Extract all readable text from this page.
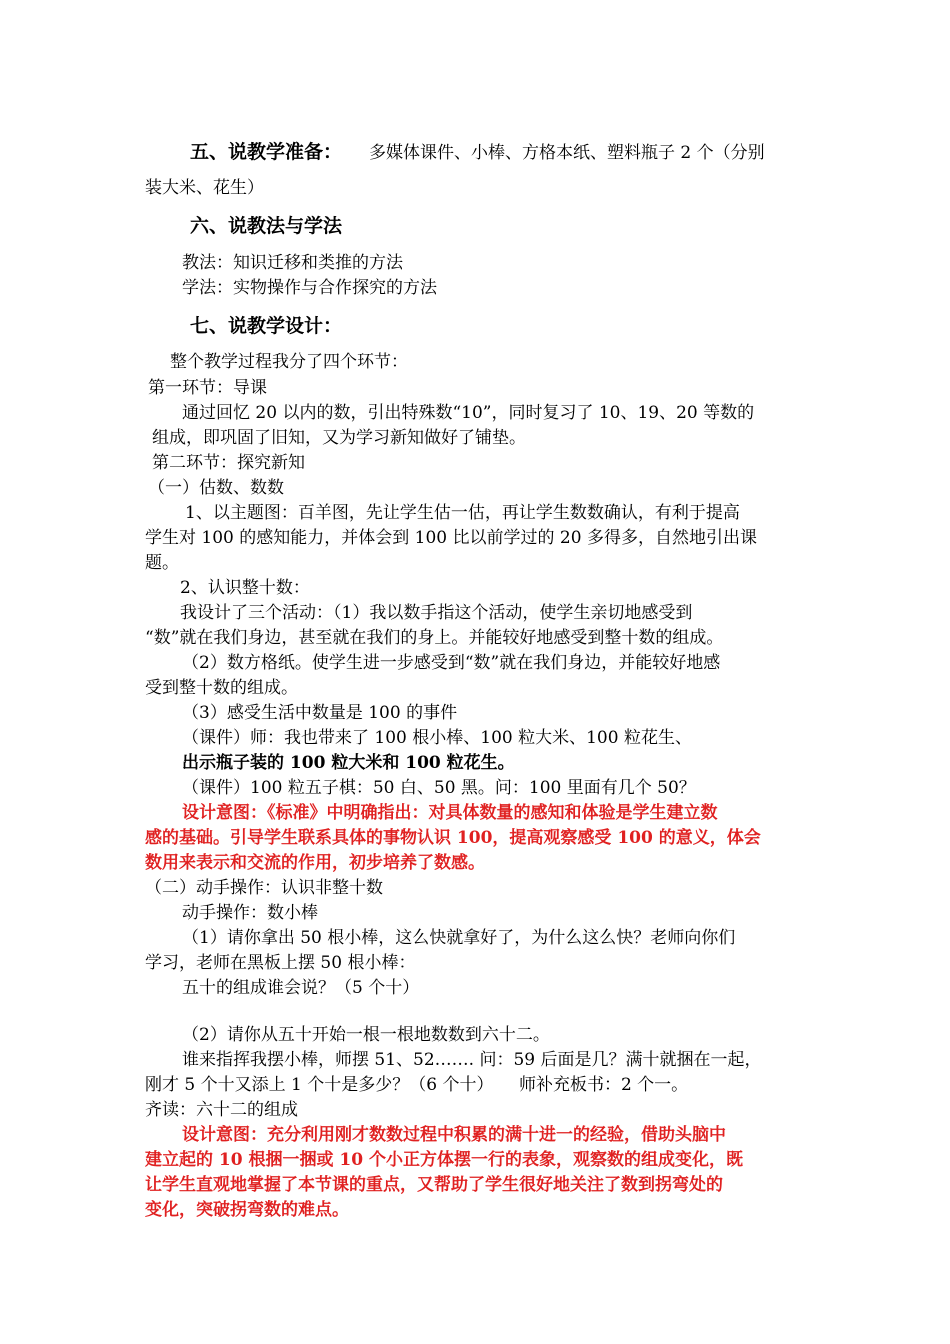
五、说教学准备： 多媒体课件、小棒、方格本纸、塑料瓶子 2 个（分别
装大米、花生）
六、说教法与学法
教法：知识迁移和类推的方法
学法：实物操作与合作探究的方法
七、说教学设计：
整个教学过程我分了四个环节：
第一环节：导课
通过回忆 20 以内的数，引出特殊数“10”，同时复习了 10、19、20 等数的
组成，即巩固了旧知，又为学习新知做好了铺垫。
第二环节：探究新知
（一）估数、数数
1、以主题图：百羊图，先让学生估一估，再让学生数数确认，有利于提高
学生对 100 的感知能力，并体会到 100 比以前学过的 20 多得多，自然地引出课
题。
2、认识整十数：
我设计了三个活动：（1）我以数手指这个活动，使学生亲切地感受到
“数”就在我们身边，甚至就在我们的身上。并能较好地感受到整十数的组成。
（2）数方格纸。使学生进一步感受到“数”就在我们身边，并能较好地感
受到整十数的组成。
（3）感受生活中数量是 100 的事件
（课件）师：我也带来了 100 根小棒、100 粒大米、100 粒花生、
出示瓶子装的 100 粒大米和 100 粒花生。
（课件）100 粒五子棋：50 白、50 黑。问：100 里面有几个 50？
设计意图：《标准》中明确指出：对具体数量的感知和体验是学生建立数
感的基础。引导学生联系具体的事物认识 100，提高观察感受 100 的意义，体会
数用来表示和交流的作用，初步培养了数感。
（二）动手操作：认识非整十数
动手操作：数小棒
（1）请你拿出 50 根小棒，这么快就拿好了，为什么这么快？老师向你们
学习，老师在黑板上摆 50 根小棒：
五十的组成谁会说？（5 个十）
（2）请你从五十开始一根一根地数数到六十二。
谁来指挥我摆小棒，师摆 51、52……. 问：59 后面是几？满十就捆在一起，
刚才 5 个十又添上 1 个十是多少？（6 个十）　　师补充板书：2 个一。
齐读：六十二的组成
设计意图：充分利用刚才数数过程中积累的满十进一的经验，借助头脑中
建立起的 10 根捆一捆或 10 个小正方体摆一行的表象，观察数的组成变化，既
让学生直观地掌握了本节课的重点，又帮助了学生很好地关注了数到拐弯处的
变化，突破拐弯数的难点。
